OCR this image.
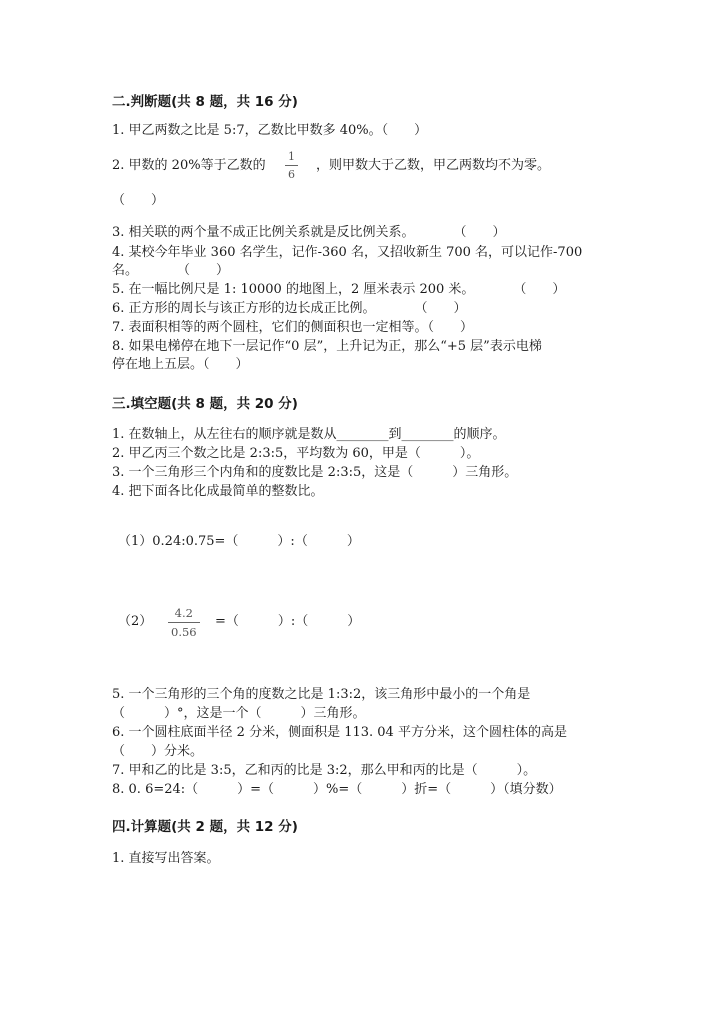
二.判断题(共 8 题，共 16 分)
1. 甲乙两数之比是 5:7，乙数比甲数多 40%。（　　）
2. 甲数的 20%等于乙数的
1
6
，则甲数大于乙数，甲乙两数均不为零。
（　　）
3. 相关联的两个量不成正比例关系就是反比例关系。　　　　（　　）
4. 某校今年毕业 360 名学生，记作-360 名，又招收新生 700 名，可以记作-700
名。　　　　（　　）
5. 在一幅比例尺是 1: 10000 的地图上，2 厘米表示 200 米。　　　　（　　）
6. 正方形的周长与该正方形的边长成正比例。　　　　（　　）
7. 表面积相等的两个圆柱，它们的侧面积也一定相等。（　　）
8. 如果电梯停在地下一层记作“0 层”，上升记为正，那么“+5 层”表示电梯
停在地上五层。（　　）
三.填空题(共 8 题，共 20 分)
1. 在数轴上，从左往右的顺序就是数从________到________的顺序。
2. 甲乙丙三个数之比是 2:3:5，平均数为 60，甲是（　　　）。
3. 一个三角形三个内角和的度数比是 2:3:5，这是（　　　）三角形。
4. 把下面各比化成最简单的整数比。
（1）0.24:0.75=（　　　）:（　　　）
（2）
4.2
0.56
=（　　　）:（　　　）
5. 一个三角形的三个角的度数之比是 1:3:2，该三角形中最小的一个角是
（　　　）°，这是一个（　　　）三角形。
6. 一个圆柱底面半径 2 分米，侧面积是 113. 04 平方分米，这个圆柱体的高是
（　　）分米。
7. 甲和乙的比是 3:5，乙和丙的比是 3:2，那么甲和丙的比是（　　　）。
8. 0. 6=24:（　　　）=（　　　）%=（　　　）折=（　　　）（填分数）
四.计算题(共 2 题，共 12 分)
1. 直接写出答案。
